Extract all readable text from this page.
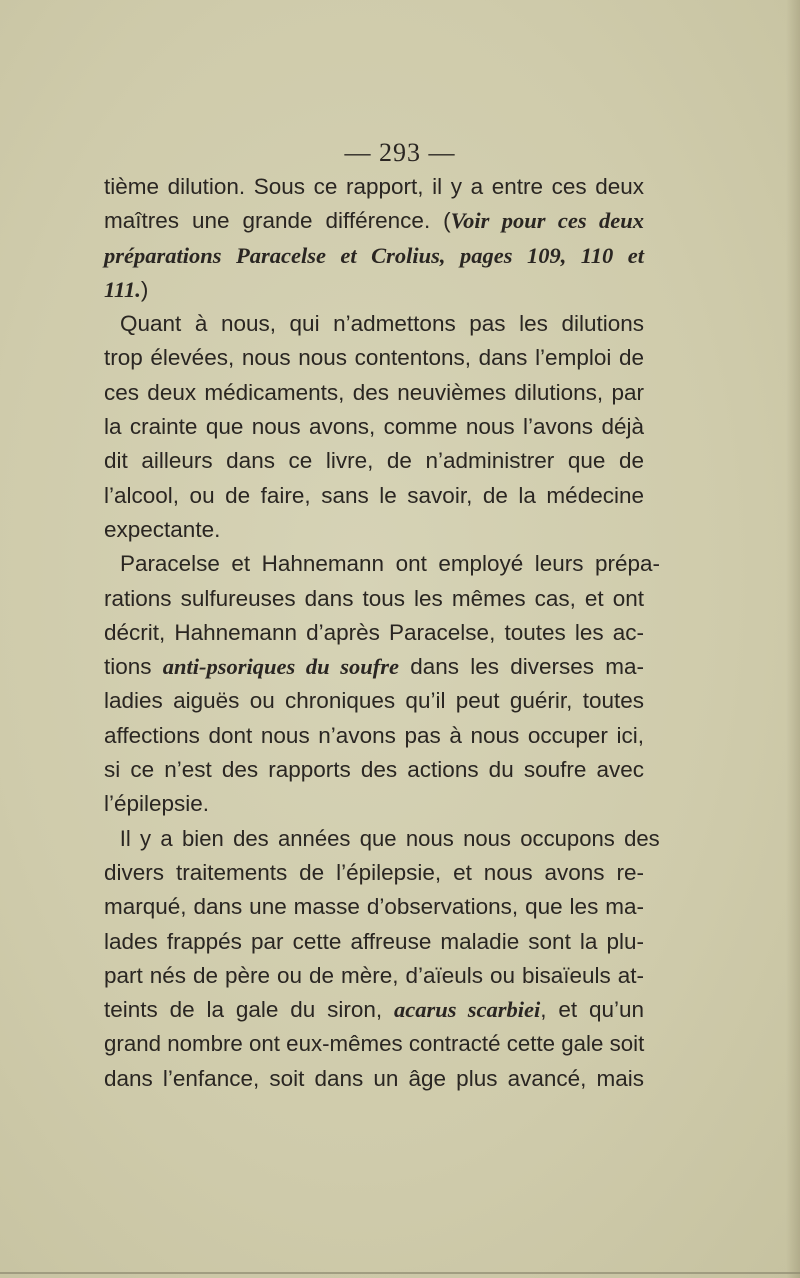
— 293 —
tième dilution. Sous ce rapport, il y a entre ces deux
maîtres une grande différence. (Voir pour ces deux
préparations Paracelse et Crolius, pages 109, 110 et
111.)
Quant à nous, qui n’admettons pas les dilutions
trop élevées, nous nous contentons, dans l’emploi de
ces deux médicaments, des neuvièmes dilutions, par
la crainte que nous avons, comme nous l’avons déjà
dit ailleurs dans ce livre, de n’administrer que de
l’alcool, ou de faire, sans le savoir, de la médecine
expectante.
Paracelse et Hahnemann ont employé leurs prépa-
rations sulfureuses dans tous les mêmes cas, et ont
décrit, Hahnemann d’après Paracelse, toutes les ac-
tions anti-psoriques du soufre dans les diverses ma-
ladies aiguës ou chroniques qu’il peut guérir, toutes
affections dont nous n’avons pas à nous occuper ici,
si ce n’est des rapports des actions du soufre avec
l’épilepsie.
Il y a bien des années que nous nous occupons des
divers traitements de l’épilepsie, et nous avons re-
marqué, dans une masse d’observations, que les ma-
lades frappés par cette affreuse maladie sont la plu-
part nés de père ou de mère, d’aïeuls ou bisaïeuls at-
teints de la gale du siron, acarus scarbiei, et qu’un
grand nombre ont eux-mêmes contracté cette gale soit
dans l’enfance, soit dans un âge plus avancé, mais
